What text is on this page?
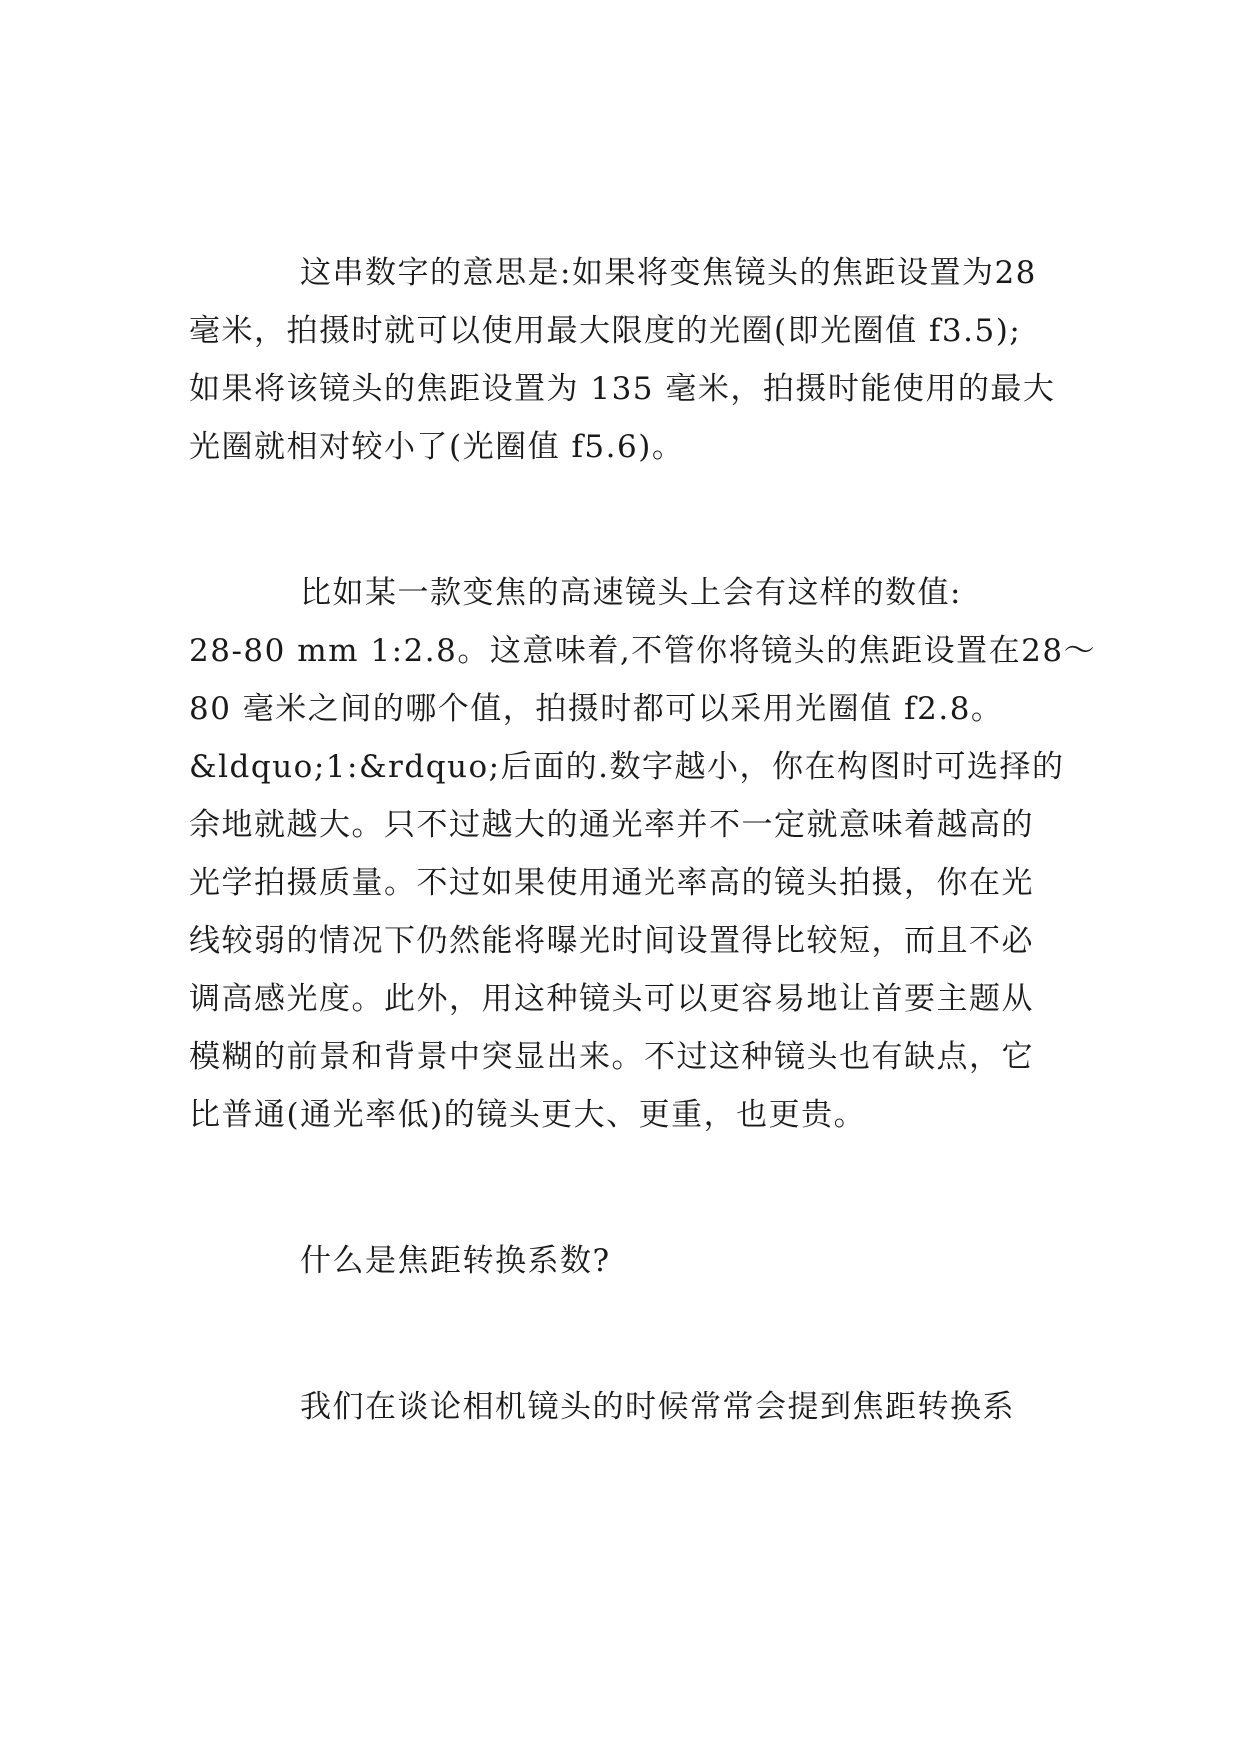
这串数字的意思是:如果将变焦镜头的焦距设置为28
毫米，拍摄时就可以使用最大限度的光圈(即光圈值 f3.5);
如果将该镜头的焦距设置为 135 毫米，拍摄时能使用的最大
光圈就相对较小了(光圈值 f5.6)。
比如某一款变焦的高速镜头上会有这样的数值:
28-80 mm 1:2.8。这意味着,不管你将镜头的焦距设置在28～
80 毫米之间的哪个值，拍摄时都可以采用光圈值 f2.8。
&ldquo;1:&rdquo;后面的.数字越小，你在构图时可选择的
余地就越大。只不过越大的通光率并不一定就意味着越高的
光学拍摄质量。不过如果使用通光率高的镜头拍摄，你在光
线较弱的情况下仍然能将曝光时间设置得比较短，而且不必
调高感光度。此外，用这种镜头可以更容易地让首要主题从
模糊的前景和背景中突显出来。不过这种镜头也有缺点，它
比普通(通光率低)的镜头更大、更重，也更贵。
什么是焦距转换系数?
我们在谈论相机镜头的时候常常会提到焦距转换系
